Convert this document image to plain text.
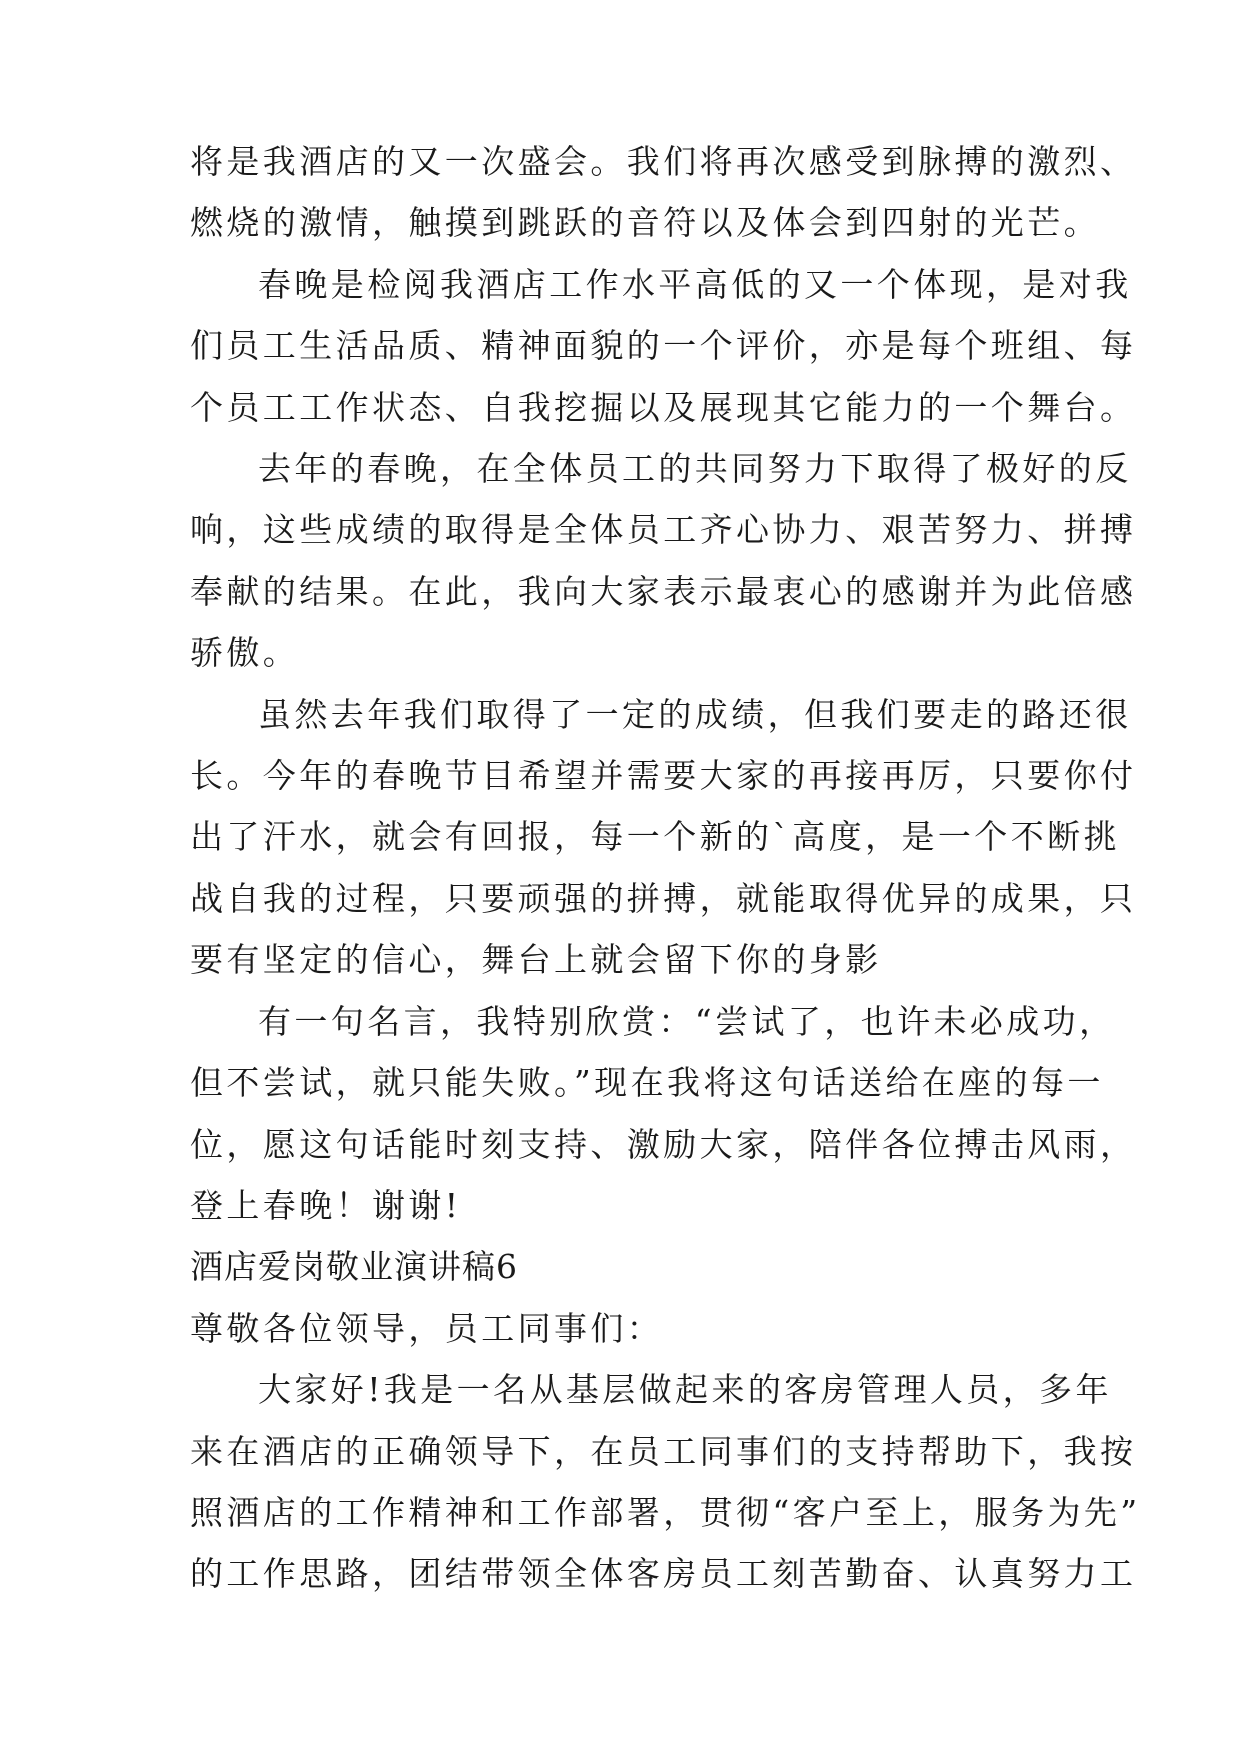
将是我酒店的又一次盛会。我们将再次感受到脉搏的激烈、

燃烧的激情，触摸到跳跃的音符以及体会到四射的光芒。

春晚是检阅我酒店工作水平高低的又一个体现，是对我

们员工生活品质、精神面貌的一个评价，亦是每个班组、每

个员工工作状态、自我挖掘以及展现其它能力的一个舞台。

去年的春晚，在全体员工的共同努力下取得了极好的反

响，这些成绩的取得是全体员工齐心协力、艰苦努力、拼搏

奉献的结果。在此，我向大家表示最衷心的感谢并为此倍感

骄傲。

虽然去年我们取得了一定的成绩，但我们要走的路还很

长。今年的春晚节目希望并需要大家的再接再厉，只要你付

出了汗水，就会有回报，每一个新的`高度，是一个不断挑

战自我的过程，只要顽强的拼搏，就能取得优异的成果，只

要有坚定的信心，舞台上就会留下你的身影

有一句名言，我特别欣赏：“尝试了，也许未必成功，

但不尝试，就只能失败。”现在我将这句话送给在座的每一

位，愿这句话能时刻支持、激励大家，陪伴各位搏击风雨，

登上春晚！谢谢!

酒店爱岗敬业演讲稿6

尊敬各位领导，员工同事们：

大家好!我是一名从基层做起来的客房管理人员，多年

来在酒店的正确领导下，在员工同事们的支持帮助下，我按

照酒店的工作精神和工作部署，贯彻“客户至上，服务为先”

的工作思路，团结带领全体客房员工刻苦勤奋、认真努力工
